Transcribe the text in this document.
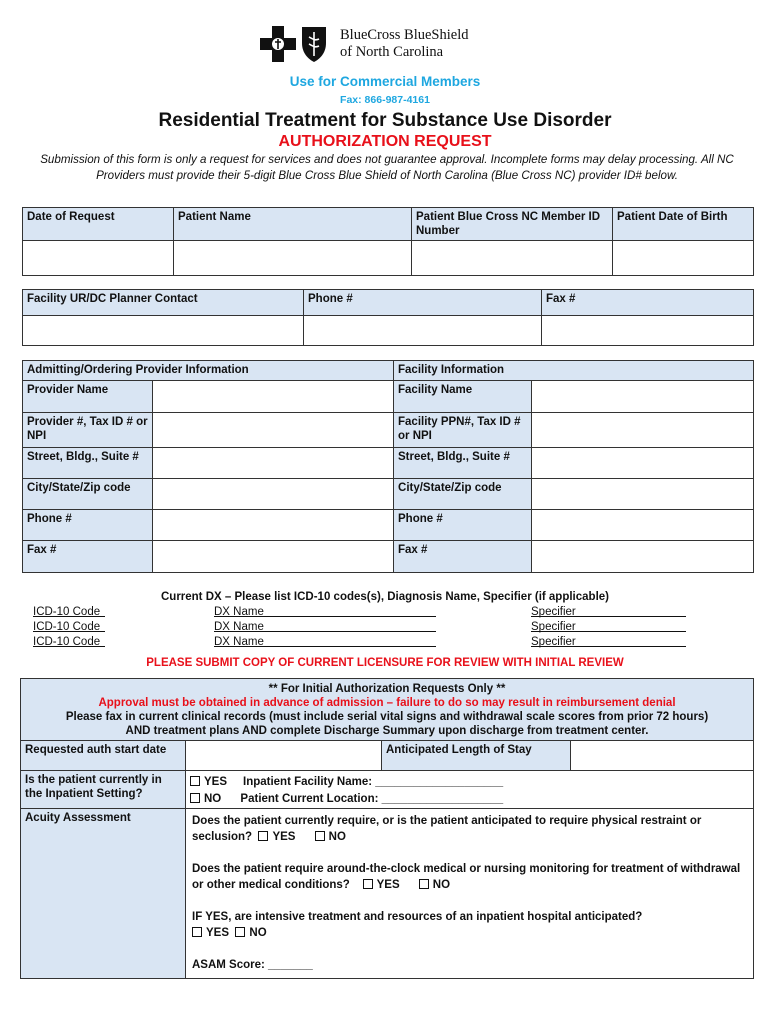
BlueCross BlueShield
of North Carolina
Use for Commercial Members
Fax: 866-987-4161
Residential Treatment for Substance Use Disorder
AUTHORIZATION REQUEST
Submission of this form is only a request for services and does not guarantee approval. Incomplete forms may delay processing. All NC Providers must provide their 5-digit Blue Cross Blue Shield of North Carolina (Blue Cross NC) provider ID# below.
Date of Request	Patient Name	Patient Blue Cross NC Member ID Number	Patient Date of Birth

Facility UR/DC Planner Contact	Phone #	Fax #

Admitting/Ordering Provider Information		Facility Information	
Provider Name		Facility Name	
Provider #, Tax ID # or NPI		Facility PPN#, Tax ID # or NPI	
Street, Bldg., Suite #		Street, Bldg., Suite #	
City/State/Zip code		City/State/Zip code	
Phone #		Phone #	
Fax #		Fax #	
Current DX – Please list ICD-10 codes(s), Diagnosis Name, Specifier (if applicable)
ICD-10 Code	DX Name	Specifier
ICD-10 Code	DX Name	Specifier
ICD-10 Code	DX Name	Specifier
PLEASE SUBMIT COPY OF CURRENT LICENSURE FOR REVIEW WITH INITIAL REVIEW
** For Initial Authorization Requests Only **
Approval must be obtained in advance of admission – failure to do so may result in reimbursement denial
Please fax in current clinical records (must include serial vital signs and withdrawal scale scores from prior 72 hours)
AND treatment plans AND complete Discharge Summary upon discharge from treatment center.			

Requested auth start date		Anticipated Length of Stay	
Is the patient currently in the Inpatient Setting?	YES Inpatient Facility Name: ____________________
NO Patient Current Location: ___________________		

Acuity Assessment	Does the patient currently require, or is the patient anticipated to require physical restraint or seclusion? YES NO
Does the patient require around-the-clock medical or nursing monitoring for treatment of withdrawal or other medical conditions? YES NO
IF YES, are intensive treatment and resources of an inpatient hospital anticipated?
YES NO
ASAM Score: _______		
